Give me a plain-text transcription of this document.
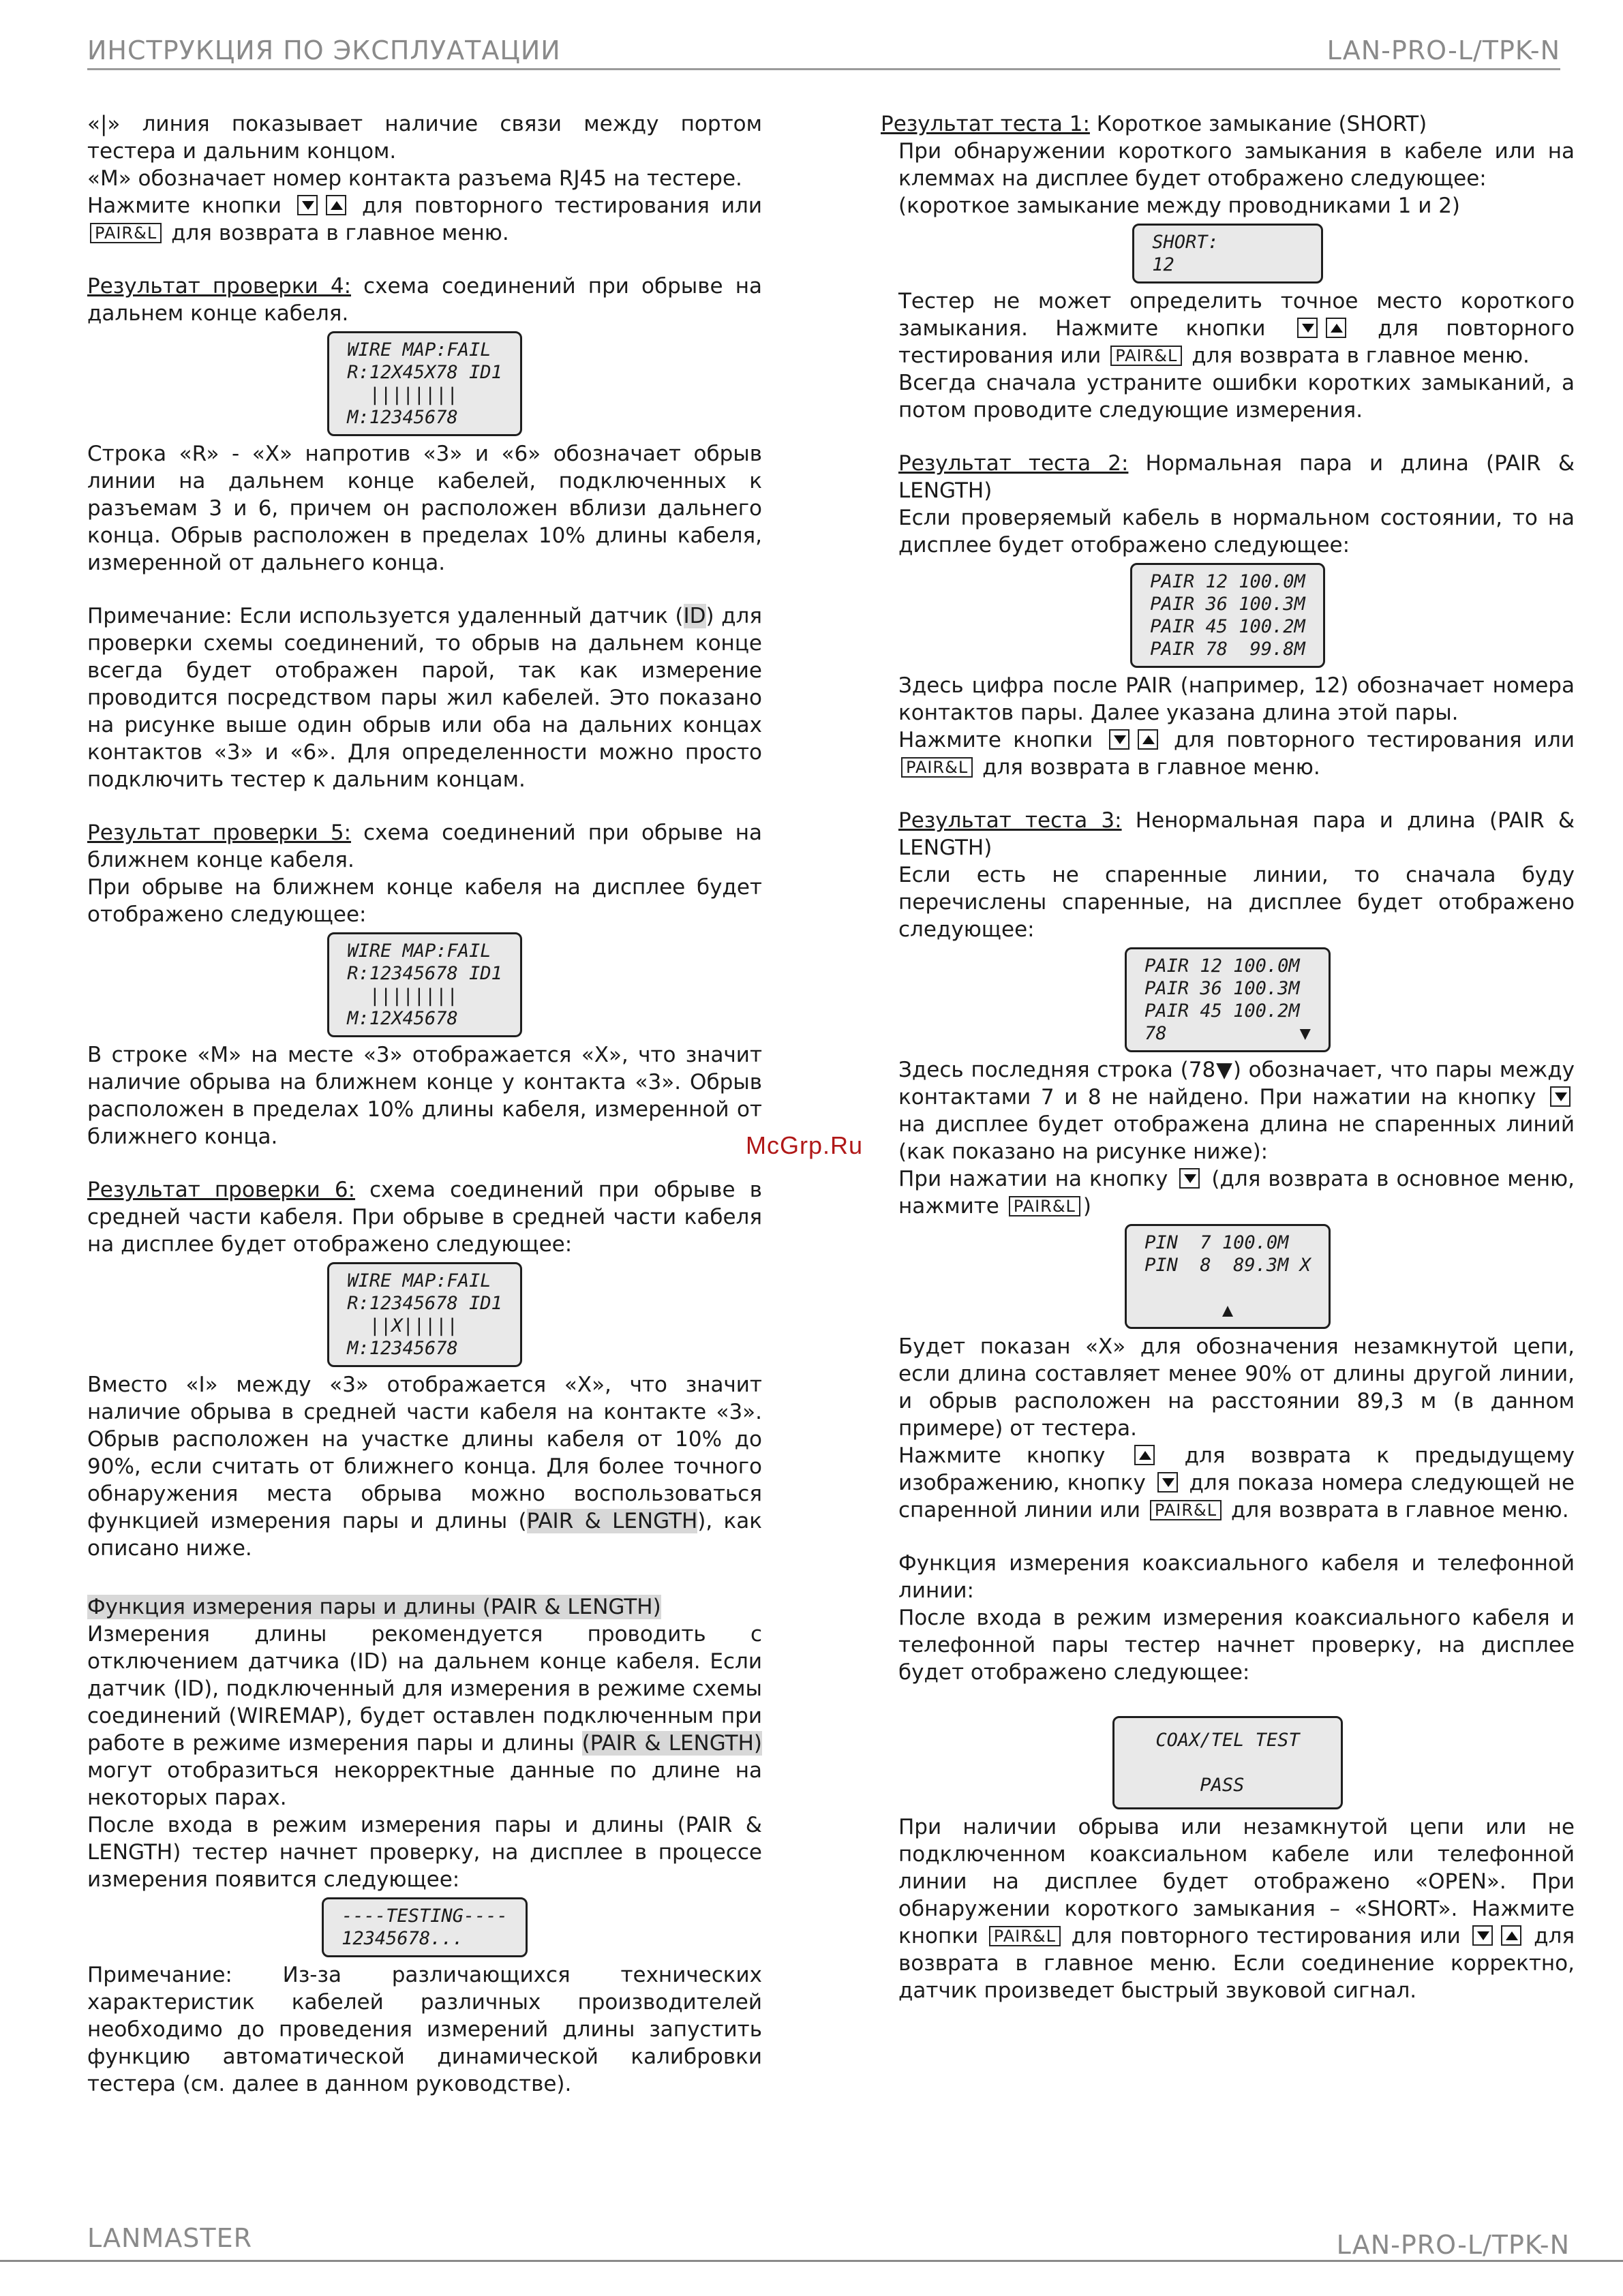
ИНСТРУКЦИЯ ПО ЭКСПЛУАТАЦИИ	LAN-PRO-L/TPK-N

«|» линия показывает наличие связи между портом тестера и дальним концом.

«M» обозначает номер контакта разъема RJ45 на тестере.

Нажмите кнопки	для повторного тестирования или PAIR&L для возврата в главное меню.

Результат проверки 4: схема соединений при обрыве на дальнем конце кабеля.

WIRE MAP:FAIL
R:12X45X78 ID1
||||||||
M:12345678

Строка «R» - «X» напротив «3» и «6» обозначает обрыв линии на дальнем конце кабелей, подключенных к разъемам 3 и 6, причем он расположен вблизи дальнего конца. Обрыв расположен в пределах 10% длины кабеля, измеренной от дальнего конца.

Примечание: Если используется удаленный датчик (ID) для проверки схемы соединений, то обрыв на дальнем конце всегда будет отображен парой, так как измерение проводится посредством пары жил кабелей. Это показано на рисунке выше один обрыв или оба на дальних концах контактов «3» и «6». Для определенности можно просто подключить тестер к дальним концам.

Результат проверки 5: схема соединений при обрыве на ближнем конце кабеля.

При обрыве на ближнем конце кабеля на дисплее будет отображено следующее:

WIRE MAP:FAIL
R:12345678 ID1
||||||||
M:12X45678

В строке «M» на месте «3» отображается «X», что значит наличие обрыва на ближнем конце у контакта «3». Обрыв расположен в пределах 10% длины кабеля, измеренной от ближнего конца.

Результат проверки 6: схема соединений при обрыве в средней части кабеля. При обрыве в средней части кабеля на дисплее будет отображено следующее:

WIRE MAP:FAIL
R:12345678 ID1
||X|||||
M:12345678

Вместо «I» между «3» отображается «X», что значит наличие обрыва в средней части кабеля на контакте «3». Обрыв расположен на участке длины кабеля от 10% до 90%, если считать от ближнего конца. Для более точного обнаружения места обрыва можно воспользоваться функцией измерения пары и длины (PAIR & LENGTH), как описано ниже.

Функция измерения пары и длины (PAIR & LENGTH)

Измерения длины рекомендуется проводить с отключением датчика (ID) на дальнем конце кабеля. Если датчик (ID), подключенный для измерения в режиме схемы соединений (WIREMAP), будет оставлен подключенным при работе в режиме измерения пары и длины (PAIR & LENGTH) могут отобразиться некорректные данные по длине на некоторых парах.

После входа в режим измерения пары и длины (PAIR & LENGTH) тестер начнет проверку, на дисплее в процессе измерения появится следующее:

----TESTING----
12345678...

Примечание: Из-за различающихся технических характеристик кабелей различных производителей необходимо до проведения измерений длины запустить функцию автоматической динамической калибровки тестера (см. далее в данном руководстве).

Результат теста 1: Короткое замыкание (SHORT)

При обнаружении короткого замыкания в кабеле или на клеммах на дисплее будет отображено следующее:

(короткое замыкание между проводниками 1 и 2)

SHORT:
12

Тестер не может определить точное место короткого замыкания. Нажмите кнопки	для повторного тестирования или PAIR&L для возврата в главное меню.

Всегда сначала устраните ошибки коротких замыканий, а потом проводите следующие измерения.

Результат теста 2: Нормальная пара и длина (PAIR & LENGTH)

Если проверяемый кабель в нормальном состоянии, то на дисплее будет отображено следующее:

PAIR 12 100.0M
PAIR 36 100.3M
PAIR 45 100.2M
PAIR 78  99.8M

Здесь цифра после PAIR (например, 12) обозначает номера контактов пары. Далее указана длина этой пары.

Нажмите кнопки	для повторного тестирования или PAIR&L для возврата в главное меню.

Результат теста 3: Ненормальная пара и длина (PAIR & LENGTH)

Если есть не спаренные линии, то сначала буду перечислены спаренные, на дисплее будет отображено следующее:

PAIR 12 100.0M
PAIR 36 100.3M
PAIR 45 100.2M
78            ▼

Здесь последняя строка (78▼) обозначает, что пары между контактами 7 и 8 не найдено. При нажатии на кнопку  на дисплее будет отображена длина не спаренных линий (как показано на рисунке ниже):

При нажатии на кнопку (для возврата в основное меню, нажмите PAIR&L )

PIN  7 100.0M
PIN  8  89.3M X

▲

Будет показан «X» для обозначения незамкнутой цепи, если длина составляет менее 90% от длины другой линии, и обрыв расположен на расстоянии 89,3 м (в данном примере) от тестера.

Нажмите кнопку	для возврата к предыдущему изображению, кнопку для показа номера следующей не спаренной линии или PAIR&L для возврата в главное меню.

Функция измерения коаксиального кабеля и телефонной линии:

После входа в режим измерения коаксиального кабеля и телефонной пары тестер начнет проверку, на дисплее будет отображено следующее:

COAX/TEL TEST

PASS

При наличии обрыва или незамкнутой цепи или не подключенном коаксиальном кабеле или телефонной линии на дисплее будет отображено «OPEN». При обнаружении короткого замыкания – «SHORT». Нажмите кнопки PAIR&L для повторного тестирования или	для возврата в главное меню. Если соединение корректно, датчик произведет быстрый звуковой сигнал.

McGrp.Ru
LANMASTER	LAN-PRO-L/TPK-N
